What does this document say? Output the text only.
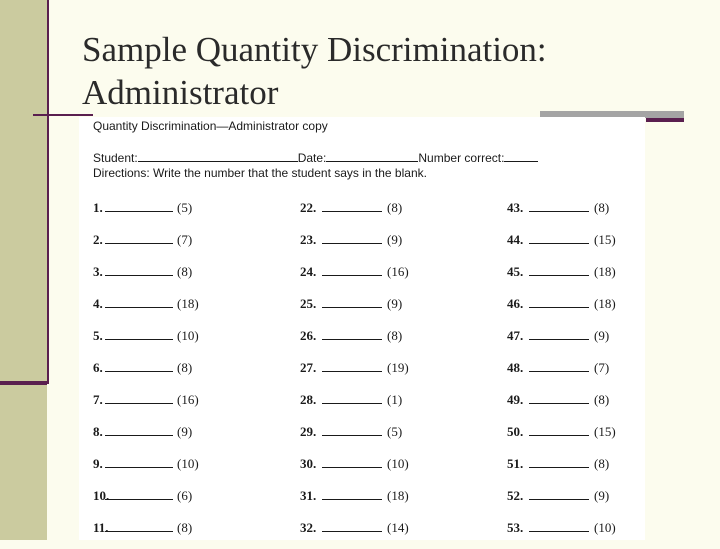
Sample Quantity Discrimination:
Administrator
Quantity Discrimination—Administrator copy
Student:	Date:	Number correct:
Directions: Write the number that the student says in the blank.
1.	(5)
2.	(7)
3.	(8)
4.	(18)
5.	(10)
6.	(8)
7.	(16)
8.	(9)
9.	(10)
10.	(6)
11.	(8)
22.	(8)
23.	(9)
24.	(16)
25.	(9)
26.	(8)
27.	(19)
28.	(1)
29.	(5)
30.	(10)
31.	(18)
32.	(14)
43.	(8)
44.	(15)
45.	(18)
46.	(18)
47.	(9)
48.	(7)
49.	(8)
50.	(15)
51.	(8)
52.	(9)
53.	(10)
